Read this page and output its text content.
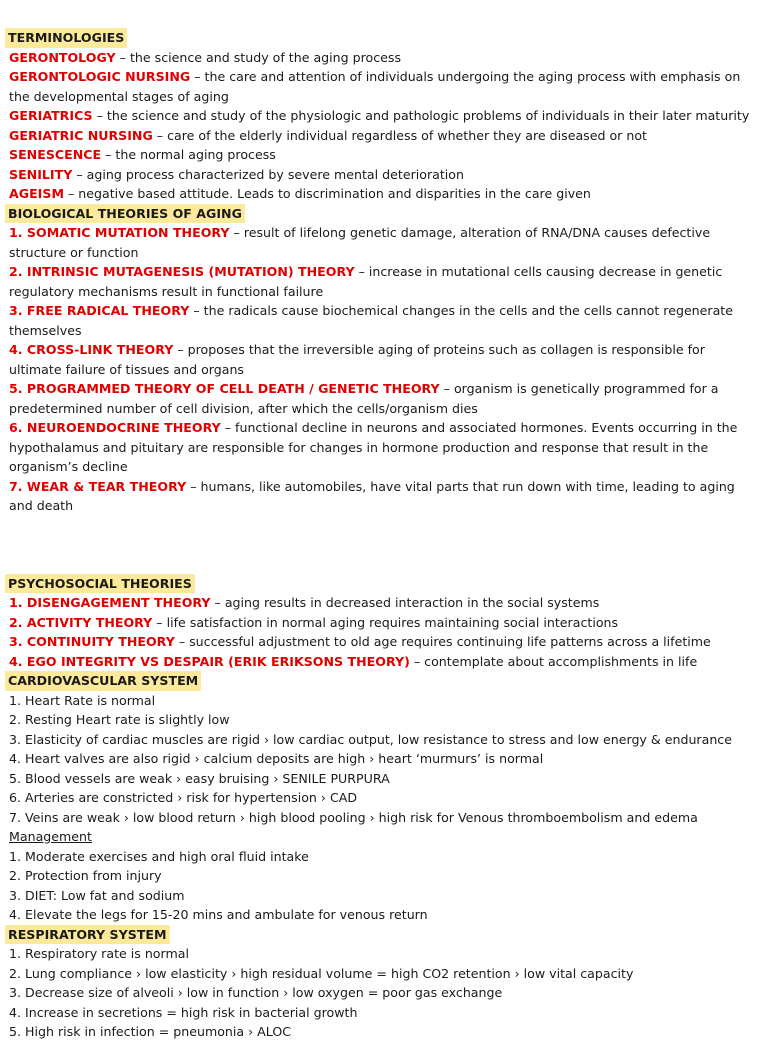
TERMINOLOGIES
GERONTOLOGY – the science and study of the aging process
GERONTOLOGIC NURSING – the care and attention of individuals undergoing the aging process with emphasis on the developmental stages of aging
GERIATRICS – the science and study of the physiologic and pathologic problems of individuals in their later maturity
GERIATRIC NURSING – care of the elderly individual regardless of whether they are diseased or not
SENESCENCE – the normal aging process
SENILITY – aging process characterized by severe mental deterioration
AGEISM – negative based attitude. Leads to discrimination and disparities in the care given
BIOLOGICAL THEORIES OF AGING
1. SOMATIC MUTATION THEORY – result of lifelong genetic damage, alteration of RNA/DNA causes defective structure or function
2. INTRINSIC MUTAGENESIS (MUTATION) THEORY – increase in mutational cells causing decrease in genetic regulatory mechanisms result in functional failure
3. FREE RADICAL THEORY – the radicals cause biochemical changes in the cells and the cells cannot regenerate themselves
4. CROSS-LINK THEORY – proposes that the irreversible aging of proteins such as collagen is responsible for ultimate failure of tissues and organs
5. PROGRAMMED THEORY OF CELL DEATH / GENETIC THEORY – organism is genetically programmed for a predetermined number of cell division, after which the cells/organism dies
6. NEUROENDOCRINE THEORY – functional decline in neurons and associated hormones. Events occurring in the hypothalamus and pituitary are responsible for changes in hormone production and response that result in the organism’s decline
7. WEAR & TEAR THEORY – humans, like automobiles, have vital parts that run down with time, leading to aging and death
PSYCHOSOCIAL THEORIES
1. DISENGAGEMENT THEORY – aging results in decreased interaction in the social systems
2. ACTIVITY THEORY – life satisfaction in normal aging requires maintaining social interactions
3. CONTINUITY THEORY – successful adjustment to old age requires continuing life patterns across a lifetime
4. EGO INTEGRITY VS DESPAIR (ERIK ERIKSONS THEORY) – contemplate about accomplishments in life
CARDIOVASCULAR SYSTEM
1. Heart Rate is normal
2. Resting Heart rate is slightly low
3. Elasticity of cardiac muscles are rigid › low cardiac output, low resistance to stress and low energy & endurance
4. Heart valves are also rigid › calcium deposits are high › heart ‘murmurs’ is normal
5. Blood vessels are weak › easy bruising › SENILE PURPURA
6. Arteries are constricted › risk for hypertension › CAD
7. Veins are weak › low blood return › high blood pooling › high risk for Venous thromboembolism and edema
Management
1. Moderate exercises and high oral fluid intake
2. Protection from injury
3. DIET: Low fat and sodium
4. Elevate the legs for 15-20 mins and ambulate for venous return
RESPIRATORY SYSTEM
1. Respiratory rate is normal
2. Lung compliance › low elasticity › high residual volume = high CO2 retention › low vital capacity
3. Decrease size of alveoli › low in function › low oxygen = poor gas exchange
4. Increase in secretions = high risk in bacterial growth
5. High risk in infection = pneumonia › ALOC
